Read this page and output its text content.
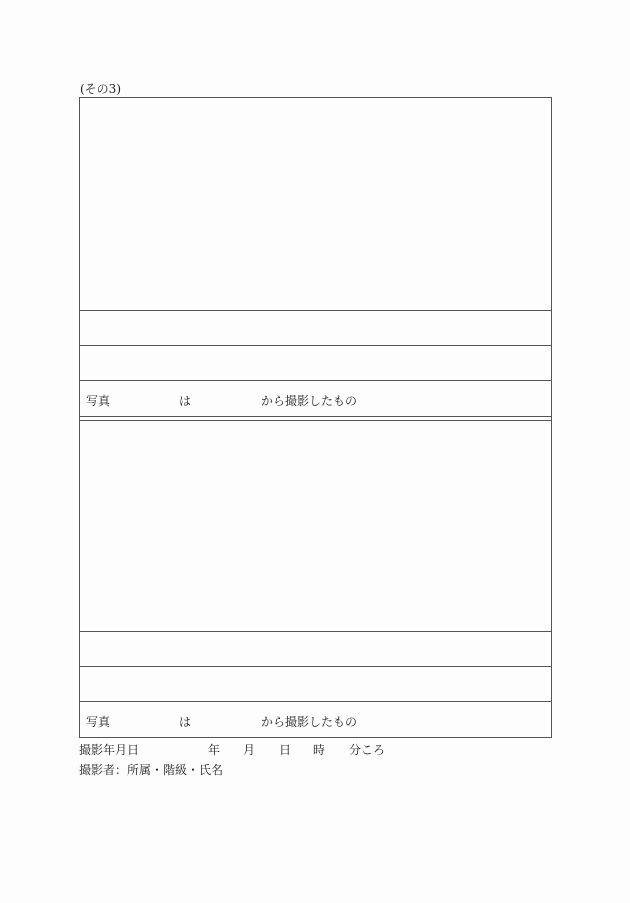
(その3)
写真	は	から撮影したもの
写真	は	から撮影したもの
撮影年月日	年 月 日 時 分ころ
撮影者：所属・階級・氏名
